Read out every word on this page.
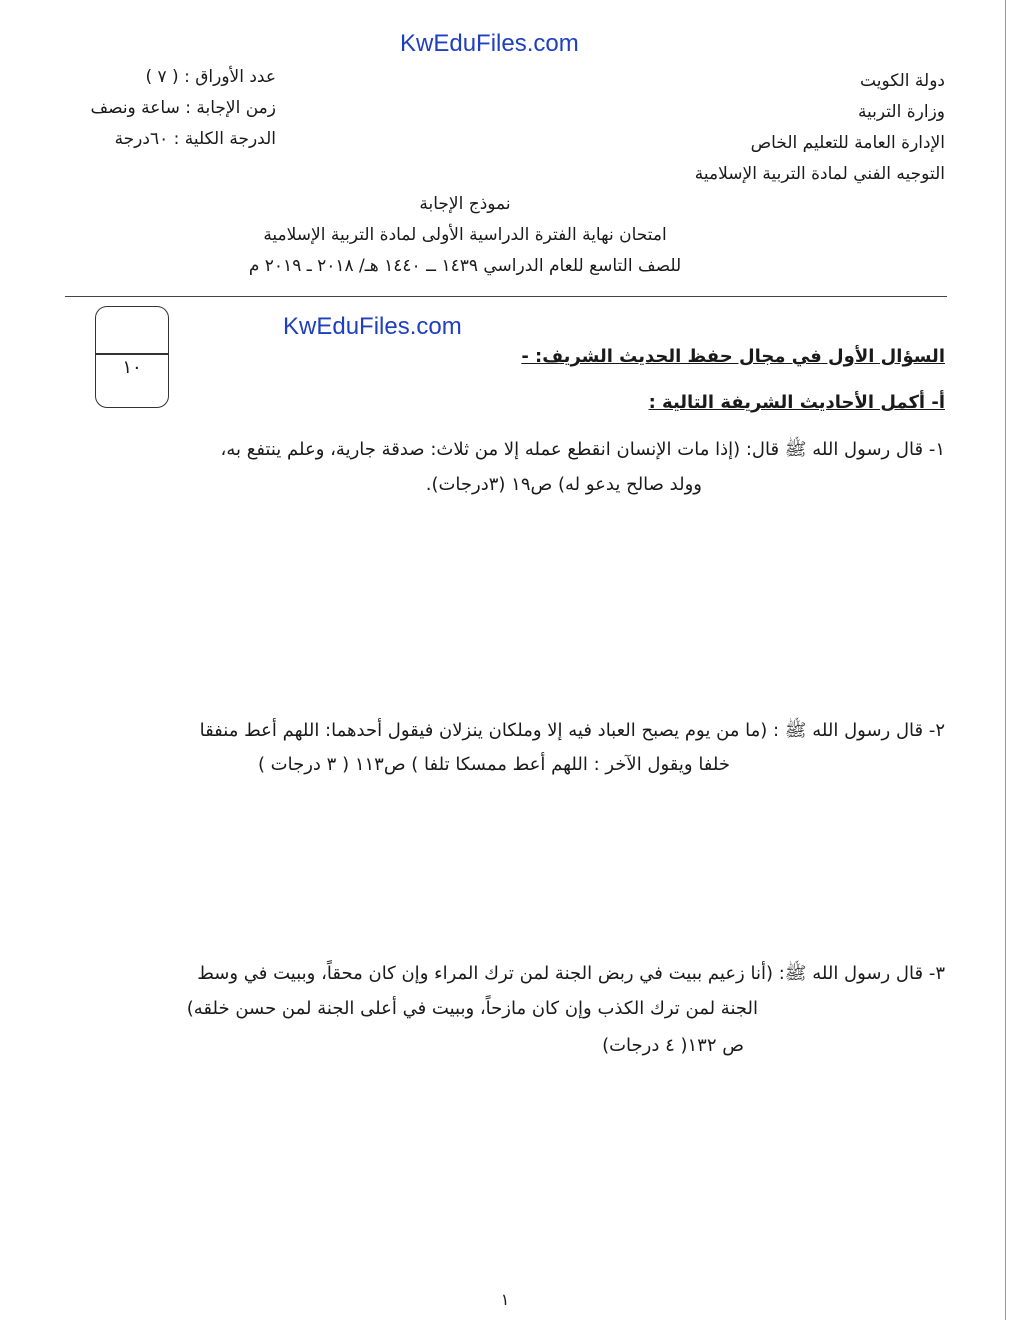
KwEduFiles.com
KwEduFiles.com
دولة الكويت
وزارة التربية
الإدارة العامة للتعليم الخاص
التوجيه الفني لمادة التربية الإسلامية
عدد الأوراق : ( ٧ )
زمن الإجابة : ساعة ونصف
الدرجة الكلية : ٦٠درجة
نموذج الإجابة
امتحان نهاية الفترة الدراسية الأولى لمادة التربية الإسلامية
للصف التاسع للعام الدراسي ١٤٣٩ ــ ١٤٤٠ هـ/ ٢٠١٨ ـ ٢٠١٩ م
١٠
السؤال الأول في مجال حفظ الحديث الشريف: -
أ- أكمل الأحاديث الشريفة التالية :
١- قال رسول الله ﷺ قال: (إذا مات الإنسان انقطع عمله إلا من ثلاث: صدقة جارية، وعلم ينتفع به،
وولد صالح يدعو له) ص١٩ (٣درجات).
٢- قال رسول الله ﷺ : (ما من يوم يصبح العباد فيه إلا وملكان ينزلان فيقول أحدهما: اللهم أعط منفقا
خلفا ويقول الآخر : اللهم أعط ممسكا تلفا ) ص١١٣ ( ٣ درجات )
٣- قال رسول الله ﷺ: (أنا زعيم ببيت في ربض الجنة لمن ترك المراء وإن كان محقاً، وببيت في وسط
الجنة لمن ترك الكذب وإن كان مازحاً، وببيت في أعلى الجنة لمن حسن خلقه)
ص ١٣٢( ٤ درجات)
١
